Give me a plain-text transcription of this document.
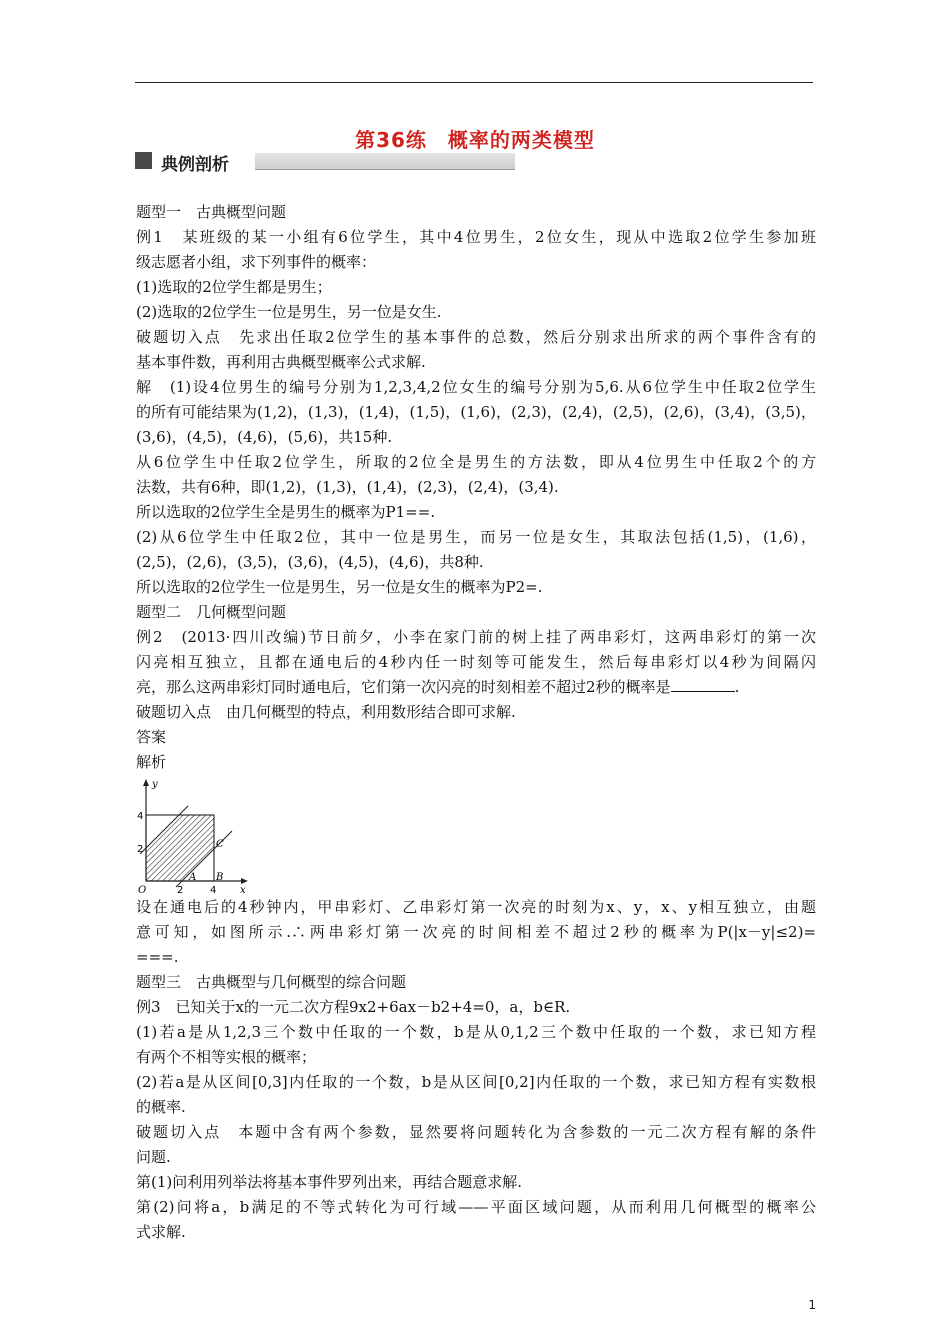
第36练　概率的两类模型
典例剖析

题型一　古典概型问题

例1　某班级的某一小组有6位学生，其中4位男生，2位女生，现从中选取2位学生参加班

级志愿者小组，求下列事件的概率：

(1)选取的2位学生都是男生；

(2)选取的2位学生一位是男生，另一位是女生.

破题切入点　先求出任取2位学生的基本事件的总数，然后分别求出所求的两个事件含有的

基本事件数，再利用古典概型概率公式求解.

解　(1)设4位男生的编号分别为1,2,3,4,2位女生的编号分别为5,6.从6位学生中任取2位学生

的所有可能结果为(1,2)，(1,3)，(1,4)，(1,5)，(1,6)，(2,3)，(2,4)，(2,5)，(2,6)，(3,4)，(3,5)，

(3,6)，(4,5)，(4,6)，(5,6)，共15种.

从6位学生中任取2位学生，所取的2位全是男生的方法数，即从4位男生中任取2个的方

法数，共有6种，即(1,2)，(1,3)，(1,4)，(2,3)，(2,4)，(3,4).

所以选取的2位学生全是男生的概率为P1==.

(2)从6位学生中任取2位，其中一位是男生，而另一位是女生，其取法包括(1,5)，(1,6)，

(2,5)，(2,6)，(3,5)，(3,6)，(4,5)，(4,6)，共8种.

所以选取的2位学生一位是男生，另一位是女生的概率为P2=.

题型二　几何概型问题

例2　(2013·四川改编)节日前夕，小李在家门前的树上挂了两串彩灯，这两串彩灯的第一次

闪亮相互独立，且都在通电后的4秒内任一时刻等可能发生，然后每串彩灯以4秒为间隔闪

亮，那么这两串彩灯同时通电后，它们第一次闪亮的时刻相差不超过2秒的概率是	.

破题切入点　由几何概型的特点，利用数形结合即可求解.

答案

解析

y
x
O
4
2
2	4
A B
C

设在通电后的4秒钟内，甲串彩灯、乙串彩灯第一次亮的时刻为x、y，x、y相互独立，由题

意可知，如图所示.∴两串彩灯第一次亮的时间相差不超过2秒的概率为P(|x－y|≤2)=

===.

题型三　古典概型与几何概型的综合问题

例3　已知关于x的一元二次方程9x2+6ax－b2+4=0，a，b∈R.

(1)若a是从1,2,3三个数中任取的一个数，b是从0,1,2三个数中任取的一个数，求已知方程

有两个不相等实根的概率；

(2)若a是从区间[0,3]内任取的一个数，b是从区间[0,2]内任取的一个数，求已知方程有实数根

的概率.

破题切入点　本题中含有两个参数，显然要将问题转化为含参数的一元二次方程有解的条件

问题.

第(1)问利用列举法将基本事件罗列出来，再结合题意求解.

第(2)问将a，b满足的不等式转化为可行域——平面区域问题，从而利用几何概型的概率公

式求解.

1
